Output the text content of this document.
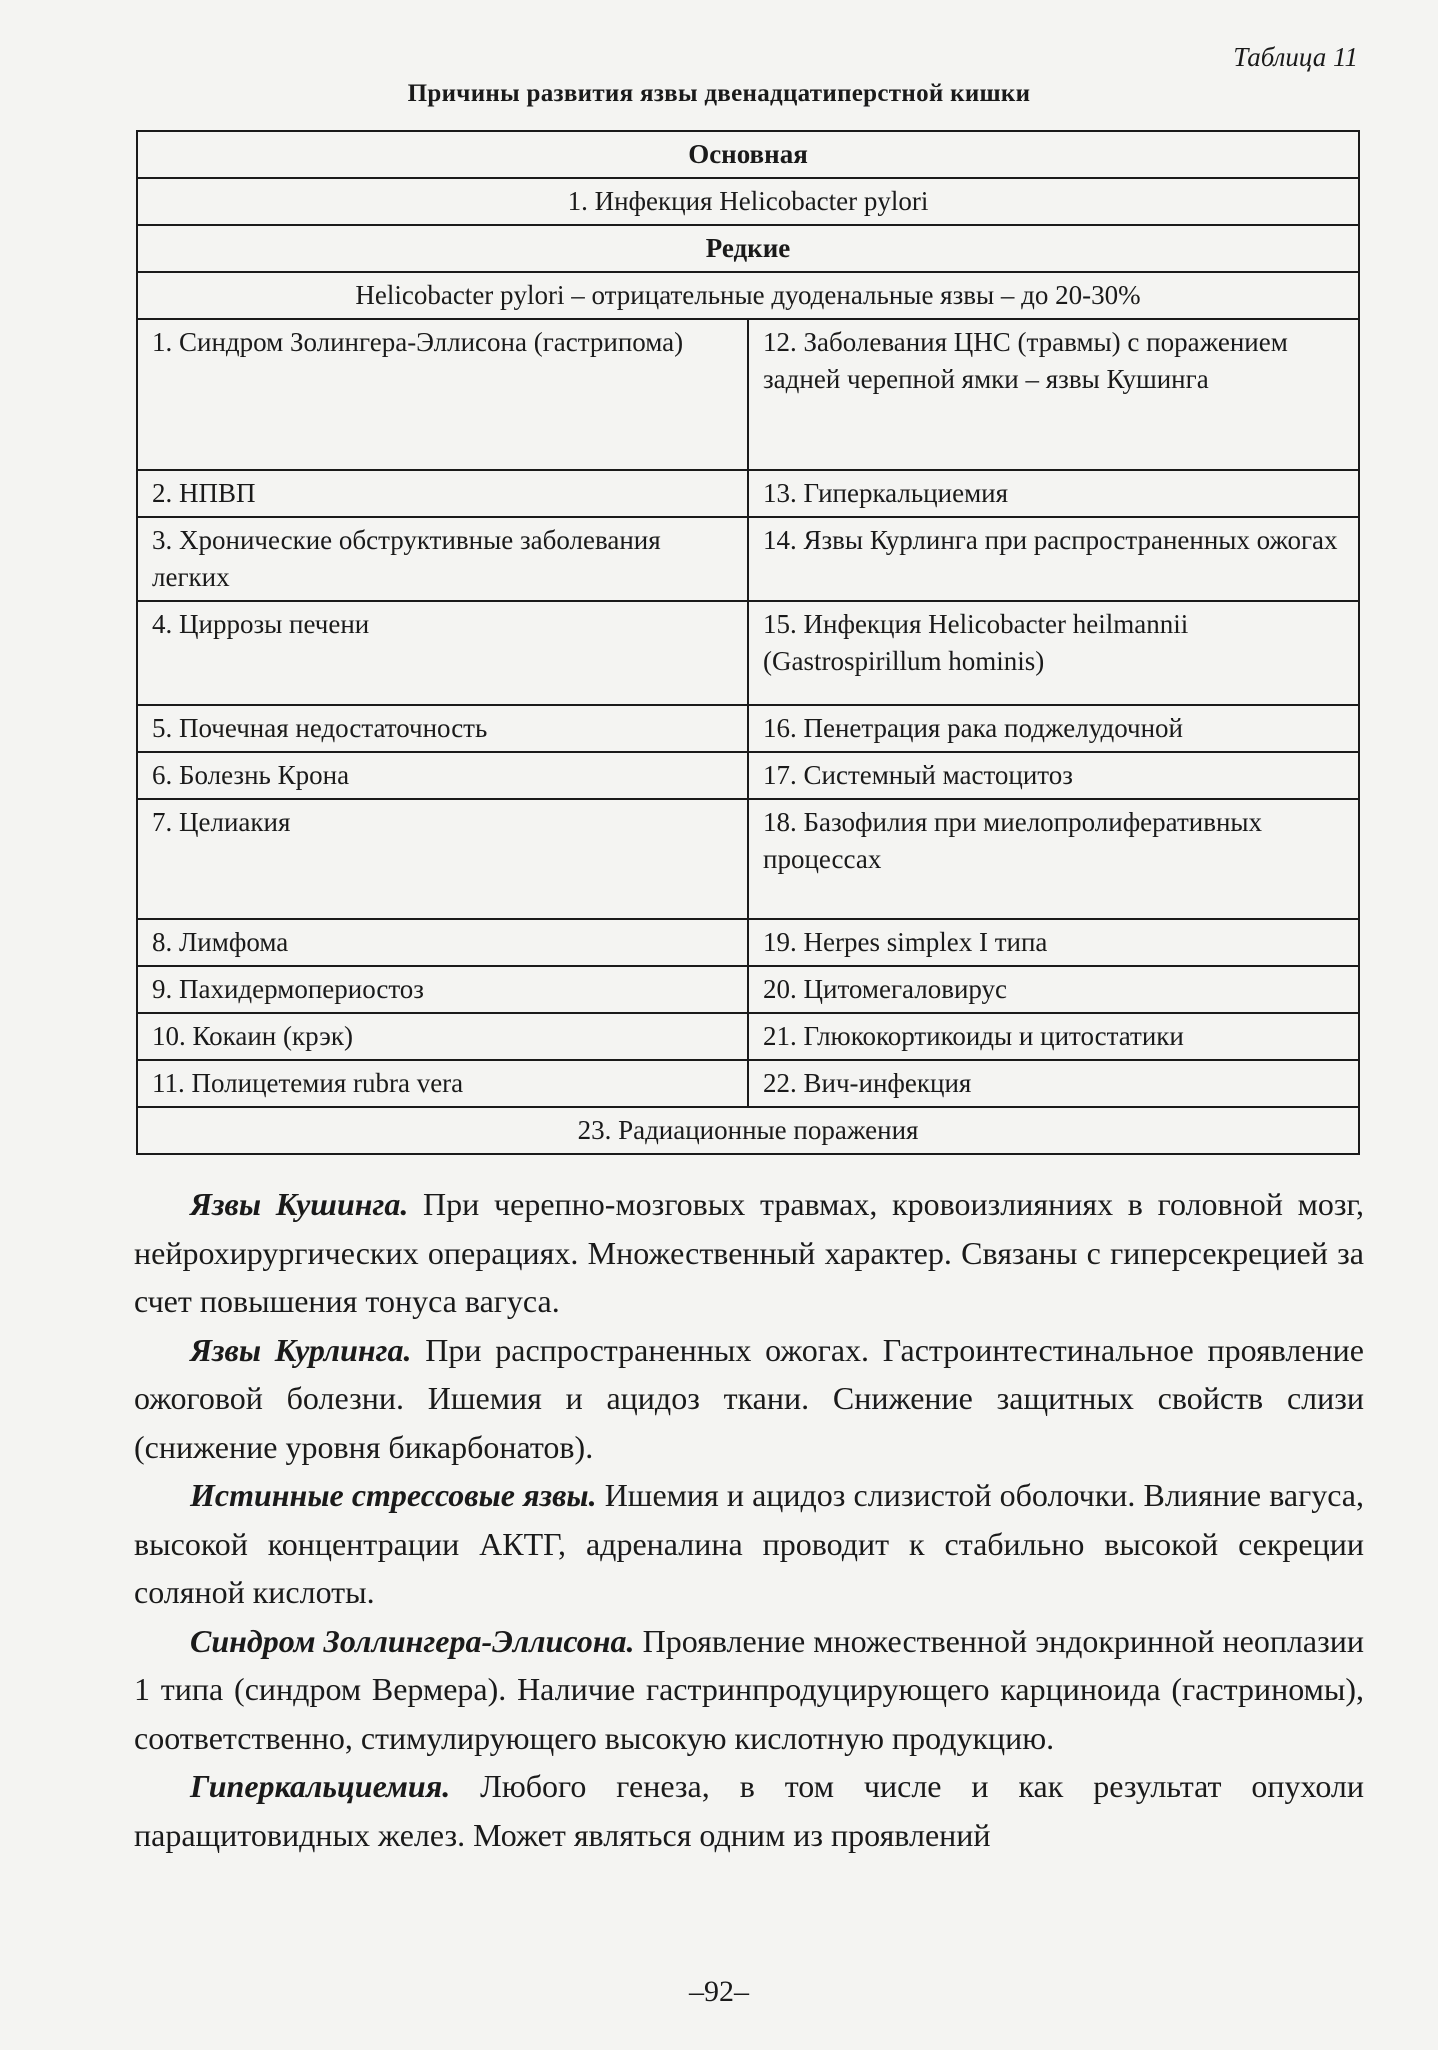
Таблица 11
Причины развития язвы двенадцатиперстной кишки
Основная	
1. Инфекция Helicobacter pylori	
Редкие	
Helicobacter pylori – отрицательные дуоденальные язвы – до 20-30%	
1. Синдром Золингера-Эллисона (гастрипома)	12. Заболевания ЦНС (травмы) с поражением задней черепной ямки – язвы Кушинга
2. НПВП	13. Гиперкальциемия
3. Хронические обструктивные заболевания легких	14. Язвы Курлинга при распространенных ожогах
4. Циррозы печени	15. Инфекция Helicobacter heilmannii (Gastrospirillum hominis)
5. Почечная недостаточность	16. Пенетрация рака поджелудочной
6. Болезнь Крона	17. Системный мастоцитоз
7. Целиакия	18. Базофилия при миелопролиферативных процессах
8. Лимфома	19. Herpes simplex I типа
9. Пахидермопериостоз	20. Цитомегаловирус
10. Кокаин (крэк)	21. Глюкокортикоиды и цитостатики
11. Полицетемия rubra vera	22. Вич-инфекция
23. Радиационные поражения	

Язвы Кушинга. При черепно-мозговых травмах, кровоизлияниях в головной мозг, нейрохирургических операциях. Множественный характер. Связаны с гиперсекрецией за счет повышения тонуса вагуса.

Язвы Курлинга. При распространенных ожогах. Гастроинтестинальное проявление ожоговой болезни. Ишемия и ацидоз ткани. Снижение защитных свойств слизи (снижение уровня бикарбонатов).

Истинные стрессовые язвы. Ишемия и ацидоз слизистой оболочки. Влияние вагуса, высокой концентрации АКТГ, адреналина проводит к стабильно высокой секреции соляной кислоты.

Синдром Золлингера-Эллисона. Проявление множественной эндокринной неоплазии 1 типа (синдром Вермера). Наличие гастринпродуцирующего карциноида (гастриномы), соответственно, стимулирующего высокую кислотную продукцию.

Гиперкальциемия. Любого генеза, в том числе и как результат опухоли паращитовидных желез. Может являться одним из проявлений

–92–
